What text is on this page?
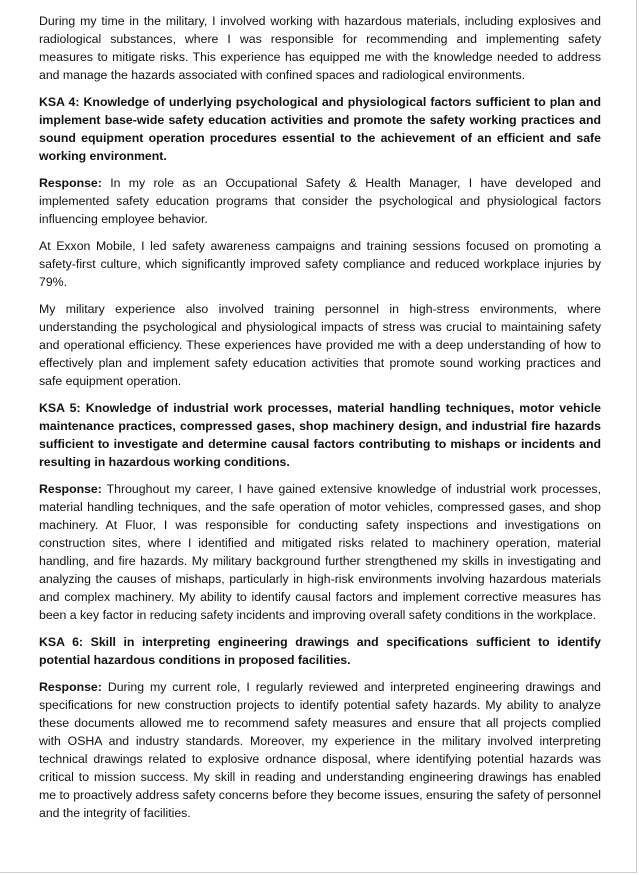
During my time in the military, I involved working with hazardous materials, including explosives and radiological substances, where I was responsible for recommending and implementing safety measures to mitigate risks. This experience has equipped me with the knowledge needed to address and manage the hazards associated with confined spaces and radiological environments.

KSA 4: Knowledge of underlying psychological and physiological factors sufficient to plan and implement base-wide safety education activities and promote the safety working practices and sound equipment operation procedures essential to the achievement of an efficient and safe working environment.

Response: In my role as an Occupational Safety & Health Manager, I have developed and implemented safety education programs that consider the psychological and physiological factors influencing employee behavior.

At Exxon Mobile, I led safety awareness campaigns and training sessions focused on promoting a safety-first culture, which significantly improved safety compliance and reduced workplace injuries by 79%.

My military experience also involved training personnel in high-stress environments, where understanding the psychological and physiological impacts of stress was crucial to maintaining safety and operational efficiency. These experiences have provided me with a deep understanding of how to effectively plan and implement safety education activities that promote sound working practices and safe equipment operation.

KSA 5: Knowledge of industrial work processes, material handling techniques, motor vehicle maintenance practices, compressed gases, shop machinery design, and industrial fire hazards sufficient to investigate and determine causal factors contributing to mishaps or incidents and resulting in hazardous working conditions.

Response: Throughout my career, I have gained extensive knowledge of industrial work processes, material handling techniques, and the safe operation of motor vehicles, compressed gases, and shop machinery. At Fluor, I was responsible for conducting safety inspections and investigations on construction sites, where I identified and mitigated risks related to machinery operation, material handling, and fire hazards. My military background further strengthened my skills in investigating and analyzing the causes of mishaps, particularly in high-risk environments involving hazardous materials and complex machinery. My ability to identify causal factors and implement corrective measures has been a key factor in reducing safety incidents and improving overall safety conditions in the workplace.

KSA 6: Skill in interpreting engineering drawings and specifications sufficient to identify potential hazardous conditions in proposed facilities.

Response: During my current role, I regularly reviewed and interpreted engineering drawings and specifications for new construction projects to identify potential safety hazards. My ability to analyze these documents allowed me to recommend safety measures and ensure that all projects complied with OSHA and industry standards. Moreover, my experience in the military involved interpreting technical drawings related to explosive ordnance disposal, where identifying potential hazards was critical to mission success. My skill in reading and understanding engineering drawings has enabled me to proactively address safety concerns before they become issues, ensuring the safety of personnel and the integrity of facilities.
